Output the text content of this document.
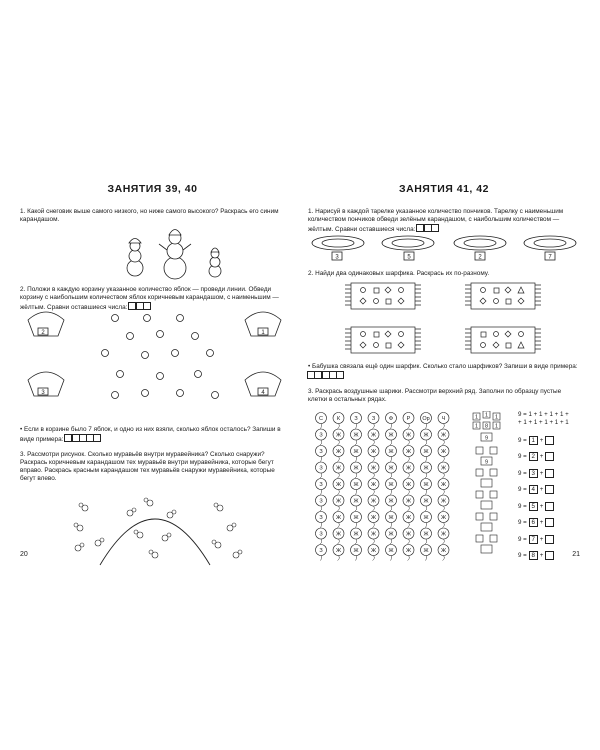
ЗАНЯТИЯ 39, 40
1. Какой снеговик выше самого низкого, но ниже самого высокого? Раскрась его синим карандашом.
2. Положи в каждую корзину указанное количество яблок — проведи линии. Обведи корзину с наибольшим количеством яблок коричневым карандашом, с наименьшим — жёлтым. Сравни оставшиеся числа:
2	1
3	4
• Если в корзине было 7 яблок, и одно из них взяли, сколько яблок осталось? Запиши в виде примера:
3. Рассмотри рисунок. Сколько муравьёв внутри муравейника? Сколько снаружи? Раскрась коричневым карандашом тех муравьёв внутри муравейника, которые бегут вправо. Раскрась красным карандашом тех муравьёв снаружи муравейника, которые бегут влево.
20
ЗАНЯТИЯ 41, 42
1. Нарисуй в каждой тарелке указанное количество пончиков. Тарелку с наименьшим количеством пончиков обведи зелёным карандашом, с наибольшим количеством — жёлтым. Сравни оставшиеся числа:
3	5	2	7
2. Найди два одинаковых шарфика. Раскрась их по-разному.
• Бабушка связала ещё один шарфик. Сколько стало шарфиков? Запиши в виде примера:
3. Раскрась воздушные шарики. Рассмотри верхний ряд. Заполни по образцу пустые клетки в остальных рядах.
С	К	З	З Ф Р Ор Ч
З Ж Ж Ж Ж Ж Ж Ж
З Ж Ж Ж Ж Ж Ж Ж
З Ж Ж Ж Ж Ж Ж Ж
З Ж Ж Ж Ж Ж Ж Ж
З Ж Ж Ж Ж Ж Ж Ж
З Ж Ж Ж Ж Ж Ж Ж
З Ж Ж Ж Ж Ж Ж Ж
З Ж Ж Ж Ж Ж Ж Ж
1 1 1
1 8 1
9
9
9 = 1 + 1 + 1 + 1 +
+ 1 + 1 + 1 + 1 + 1
9 = 1 +
9 = 2 +
9 = 3 +
9 = 4 +
9 = 5 +
9 = 6 +
9 = 7 +
9 = 8 +	21
